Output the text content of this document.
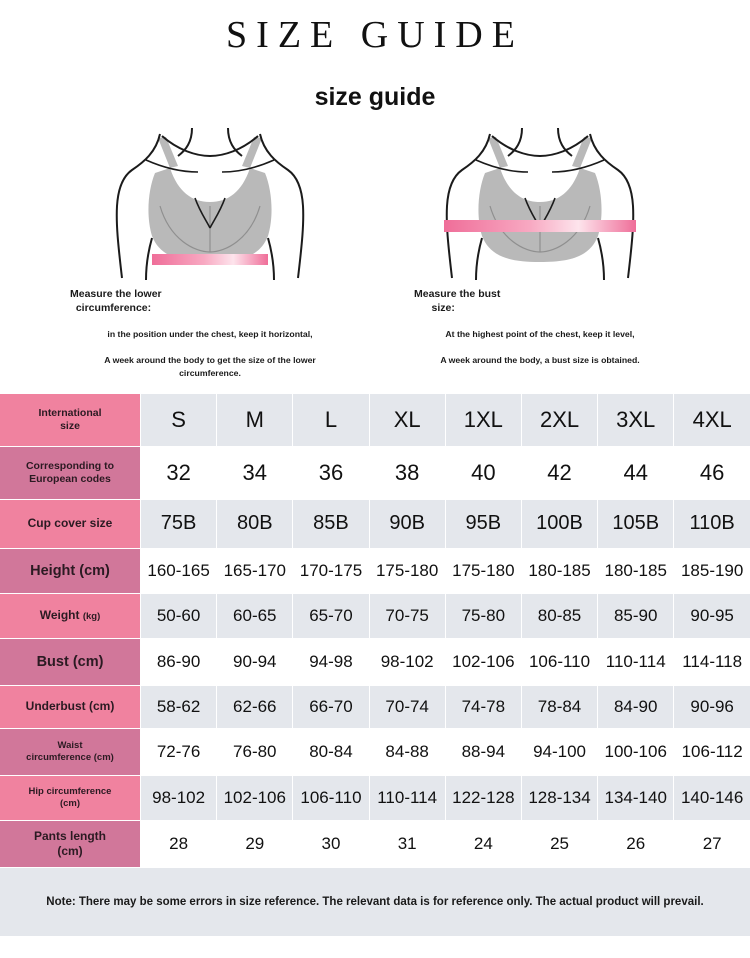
SIZE GUIDE
size guide
Measure the lower
circumference:
in the position under the chest, keep it horizontal,
A week around the body to get the size of the lower
circumference.
Measure the bust
size:
At the highest point of the chest, keep it level,
A week around the body, a bust size is obtained.
International
size	S	M	L	XL	1XL	2XL	3XL	4XL
Corresponding to
European codes	32	34	36	38	40	42	44	46
Cup cover size	75B	80B	85B	90B	95B	100B	105B	110B
Height (cm)	160-165	165-170	170-175	175-180	175-180	180-185	180-185	185-190
Weight (kg)	50-60	60-65	65-70	70-75	75-80	80-85	85-90	90-95
Bust (cm)	86-90	90-94	94-98	98-102	102-106	106-110	110-114	114-118
Underbust (cm)	58-62	62-66	66-70	70-74	74-78	78-84	84-90	90-96
Waist
circumference (cm)	72-76	76-80	80-84	84-88	88-94	94-100	100-106	106-112
Hip circumference
(cm)	98-102	102-106	106-110	110-114	122-128	128-134	134-140	140-146
Pants length
(cm)	28	29	30	31	24	25	26	27
Note: There may be some errors in size reference. The relevant data is for reference only. The actual product will prevail.
